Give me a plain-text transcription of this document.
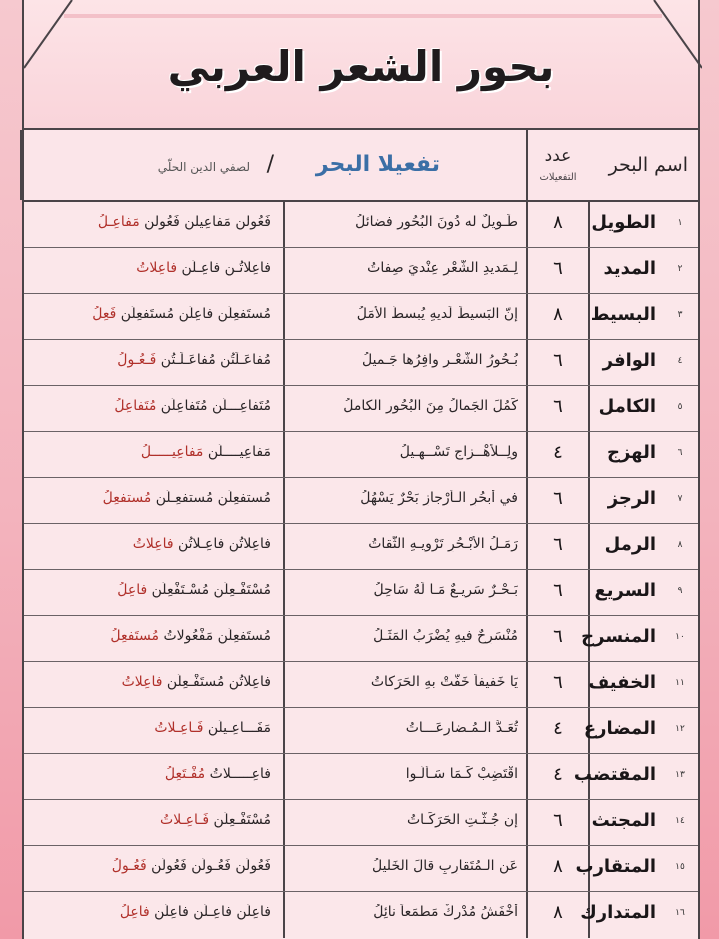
بحور الشعر العربي
اسم البحر
عدد
التفعيلات
تفعيلا البحر
/
لصفي الدين الحلّي
١
الطويل
٨
طَـويلٌ له دُونَ البُحُورِ فضائلُ
فَعُولن مَفاعِيلن فَعُولن مَفاعِـلُ
٢
المديد
٦
لِـمَديدِ الشّعْرِ عِنْديَ صِفاتُ
فاعِلاتُـن فاعِـلُن فاعِلاتُ
٣
البسيط
٨
إنّ البَسيطَ لَديهِ يُبسطُ الأمَلُ
مُستَفعِلُن فاعِلُن مُستَفعِلُن فَعِلُ
٤
الوافر
٦
بُـحُورُ الشّعْـرِ وافِرُها جَـميلُ
مُفاعَـلَتُن مُفاعَـلَـتُن فَـعُـولُ
٥
الكامل
٦
كَمُلَ الجَمالُ مِنَ البُحُورِ الكاملُ
مُتَفاعِـــلُن مُتَفاعِلُن مُتَفاعِلُ
٦
الهزج
٤
ولِــلأهْــزاجِ تَسْــهِـيلُ
مَفاعِيــــلُن مَفاعِيـــــلُ
٧
الرجز
٦
في أبحُرِ الـأرْجازِ بَحْرٌ يَسْهُلُ
مُستفعِلُن مُستفعِـلُن مُستفعِلُ
٨
الرمل
٦
رَمَـلُ الأبْـحُرِ تَرْويـهِ الثّقاتُ
فاعِلاتُن فاعِـلاتُن فاعِلاتُ
٩
السريع
٦
بَـحْـرٌ سَريـعٌ مَـا لَهُ سَاحِلُ
مُسْتَفْـعِلُن مُسْـتَفْعِلُن فاعِلُ
١٠
المنسرح
٦
مُنْسَرِحٌ فيهِ يُضْرَبُ المَثَـلُ
مُستَفعِلُن مَفْعُولاتُ مُستَفعِلُ
١١
الخفيف
٦
يَا خَفيفاً خَفّتْ بهِ الحَرَكاتُ
فاعِلاتُن مُستَفْـعِلُن فاعِلاتُ
١٢
المضارع
٤
تُعَـدُّ الـمُـضارِعَـــاتُ
مَفَـــاعِـيلُن فَـاعِـلاتُ
١٣
المقتضب
٤
اقْتَضِبْ كَـمَا سَـألُـوا
فاعِـــــلاتُ مُفْـتَعِلُ
١٤
المجتث
٦
إن جُـثّـتِ الحَرَكَـاتُ
مُسْتَفْـعِلُن فَـاعِـلاتُ
١٥
المتقارب
٨
عَنِ الـمُتَقارِبِ قالَ الخَليلُ
فَعُولُن فَعُـولُن فَعُولُن فَعُـولُ
١٦
المتدارك
٨
أخْفَشُ مُدْرِكٌ مَطمَعاً نائِلُ
فاعِلُن فاعِـلُن فاعِلُن فاعِلُ
